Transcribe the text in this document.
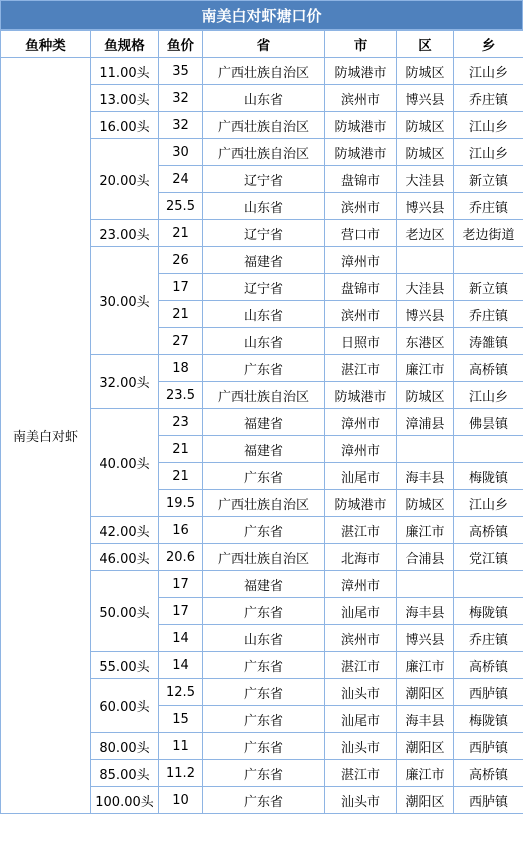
南美白对虾塘口价
鱼种类	鱼规格	鱼价	省	市	区	乡
南美白对虾	11.00头	35	广西壮族自治区	防城港市	防城区	江山乡
	13.00头	32	山东省	滨州市	博兴县	乔庄镇
	16.00头	32	广西壮族自治区	防城港市	防城区	江山乡
	20.00头	30	广西壮族自治区	防城港市	防城区	江山乡
		24	辽宁省	盘锦市	大洼县	新立镇
		25.5	山东省	滨州市	博兴县	乔庄镇
	23.00头	21	辽宁省	营口市	老边区	老边街道
	30.00头	26	福建省	漳州市		
		17	辽宁省	盘锦市	大洼县	新立镇
		21	山东省	滨州市	博兴县	乔庄镇
		27	山东省	日照市	东港区	涛雒镇
	32.00头	18	广东省	湛江市	廉江市	高桥镇
		23.5	广西壮族自治区	防城港市	防城区	江山乡
	40.00头	23	福建省	漳州市	漳浦县	佛昙镇
		21	福建省	漳州市		
		21	广东省	汕尾市	海丰县	梅陇镇
		19.5	广西壮族自治区	防城港市	防城区	江山乡
	42.00头	16	广东省	湛江市	廉江市	高桥镇
	46.00头	20.6	广西壮族自治区	北海市	合浦县	党江镇
	50.00头	17	福建省	漳州市		
		17	广东省	汕尾市	海丰县	梅陇镇
		14	山东省	滨州市	博兴县	乔庄镇
	55.00头	14	广东省	湛江市	廉江市	高桥镇
	60.00头	12.5	广东省	汕头市	潮阳区	西胪镇
		15	广东省	汕尾市	海丰县	梅陇镇
	80.00头	11	广东省	汕头市	潮阳区	西胪镇
	85.00头	11.2	广东省	湛江市	廉江市	高桥镇
	100.00头	10	广东省	汕头市	潮阳区	西胪镇
